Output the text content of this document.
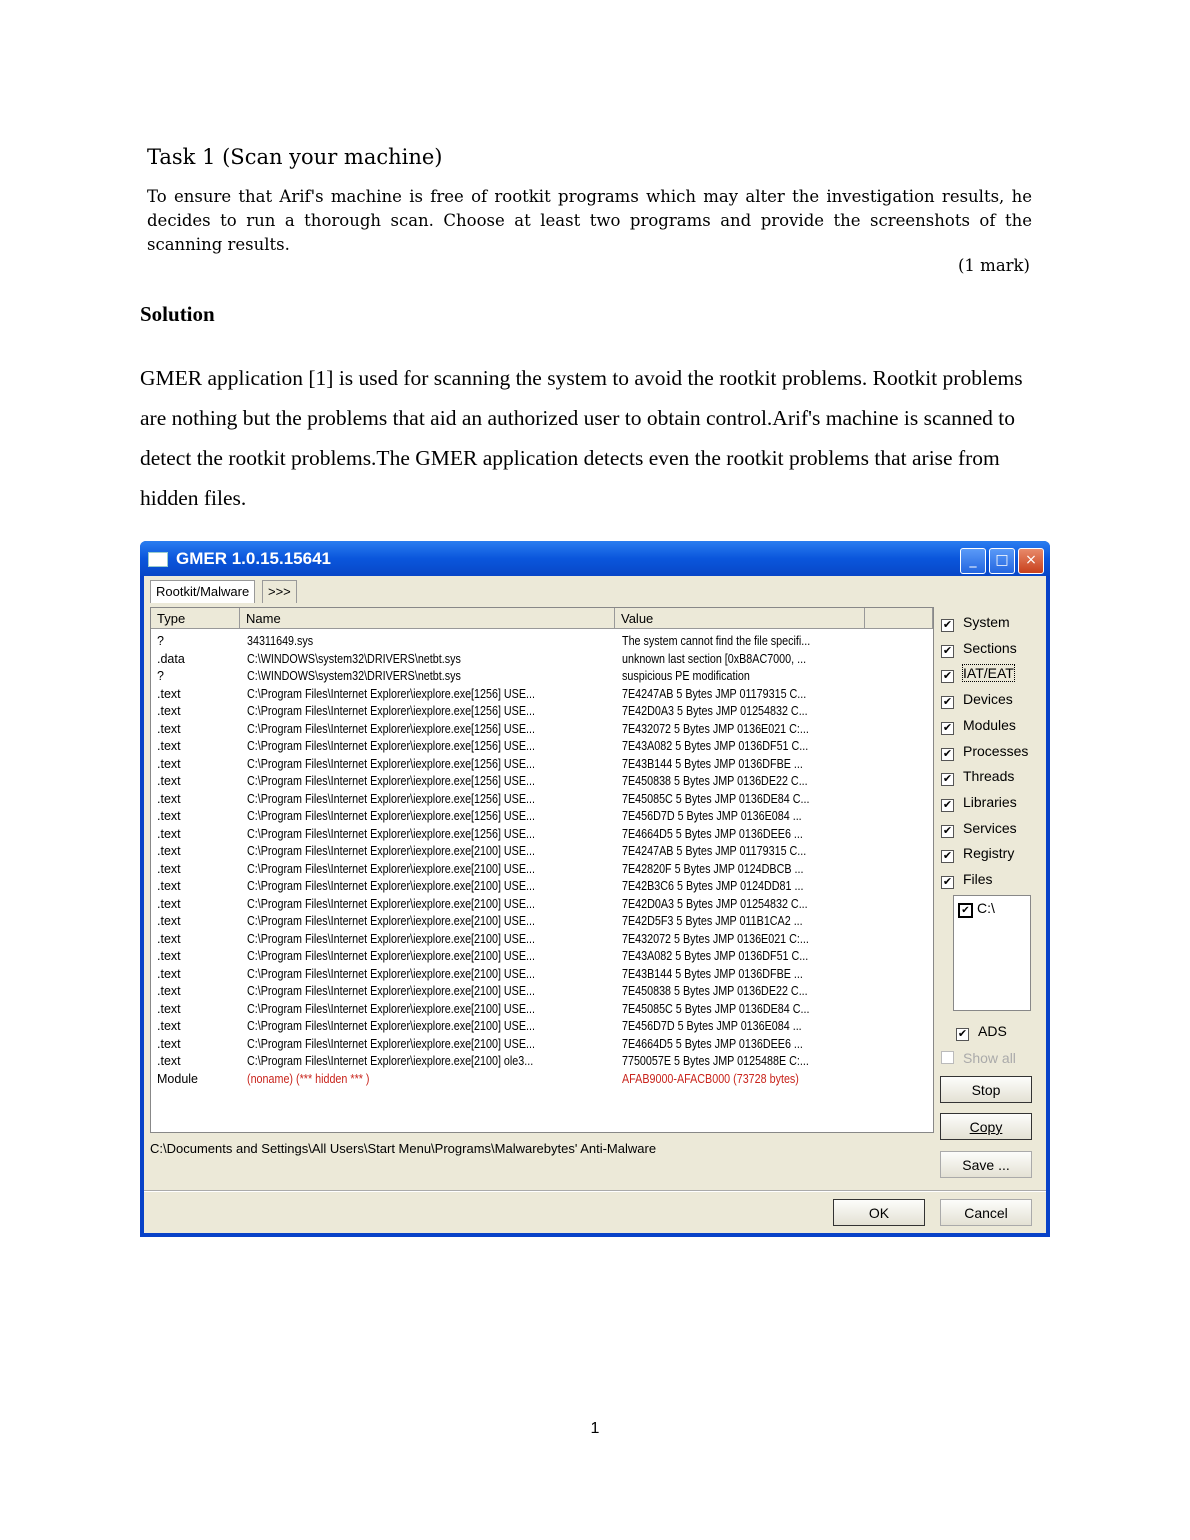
Task 1 (Scan your machine)
To ensure that Arif's machine is free of rootkit programs which may alter the investigation results, he decides to run a thorough scan. Choose at least two programs and provide the screenshots of the scanning results.
(1 mark)
Solution
GMER application [1] is used for scanning the system to avoid the rootkit problems. Rootkit problems are nothing but the problems that aid an authorized user to obtain control.Arif's machine is scanned to detect the rootkit problems.The GMER application detects even the rootkit problems that arise from hidden files.
GMER 1.0.15.15641	_	□	×
Rootkit/Malware	>>>
Type	Name	Value
?	34311649.sys	The system cannot find the file specifi...
.data	C:\WINDOWS\system32\DRIVERS\netbt.sys	unknown last section [0xB8AC7000, ...
?	C:\WINDOWS\system32\DRIVERS\netbt.sys	suspicious PE modification
.text	C:\Program Files\Internet Explorer\iexplore.exe[1256] USE...	7E4247AB 5 Bytes JMP 01179315 C...
.text	C:\Program Files\Internet Explorer\iexplore.exe[1256] USE...	7E42D0A3 5 Bytes JMP 01254832 C...
.text	C:\Program Files\Internet Explorer\iexplore.exe[1256] USE...	7E432072 5 Bytes JMP 0136E021 C:...
.text	C:\Program Files\Internet Explorer\iexplore.exe[1256] USE...	7E43A082 5 Bytes JMP 0136DF51 C...
.text	C:\Program Files\Internet Explorer\iexplore.exe[1256] USE...	7E43B144 5 Bytes JMP 0136DFBE ...
.text	C:\Program Files\Internet Explorer\iexplore.exe[1256] USE...	7E450838 5 Bytes JMP 0136DE22 C...
.text	C:\Program Files\Internet Explorer\iexplore.exe[1256] USE...	7E45085C 5 Bytes JMP 0136DE84 C...
.text	C:\Program Files\Internet Explorer\iexplore.exe[1256] USE...	7E456D7D 5 Bytes JMP 0136E084 ...
.text	C:\Program Files\Internet Explorer\iexplore.exe[1256] USE...	7E4664D5 5 Bytes JMP 0136DEE6 ...
.text	C:\Program Files\Internet Explorer\iexplore.exe[2100] USE...	7E4247AB 5 Bytes JMP 01179315 C...
.text	C:\Program Files\Internet Explorer\iexplore.exe[2100] USE...	7E42820F 5 Bytes JMP 0124DBCB ...
.text	C:\Program Files\Internet Explorer\iexplore.exe[2100] USE...	7E42B3C6 5 Bytes JMP 0124DD81 ...
.text	C:\Program Files\Internet Explorer\iexplore.exe[2100] USE...	7E42D0A3 5 Bytes JMP 01254832 C...
.text	C:\Program Files\Internet Explorer\iexplore.exe[2100] USE...	7E42D5F3 5 Bytes JMP 011B1CA2 ...
.text	C:\Program Files\Internet Explorer\iexplore.exe[2100] USE...	7E432072 5 Bytes JMP 0136E021 C:...
.text	C:\Program Files\Internet Explorer\iexplore.exe[2100] USE...	7E43A082 5 Bytes JMP 0136DF51 C...
.text	C:\Program Files\Internet Explorer\iexplore.exe[2100] USE...	7E43B144 5 Bytes JMP 0136DFBE ...
.text	C:\Program Files\Internet Explorer\iexplore.exe[2100] USE...	7E450838 5 Bytes JMP 0136DE22 C...
.text	C:\Program Files\Internet Explorer\iexplore.exe[2100] USE...	7E45085C 5 Bytes JMP 0136DE84 C...
.text	C:\Program Files\Internet Explorer\iexplore.exe[2100] USE...	7E456D7D 5 Bytes JMP 0136E084 ...
.text	C:\Program Files\Internet Explorer\iexplore.exe[2100] USE...	7E4664D5 5 Bytes JMP 0136DEE6 ...
.text	C:\Program Files\Internet Explorer\iexplore.exe[2100] ole3...	7750057E 5 Bytes JMP 0125488E C:...
Module	(noname) (*** hidden *** )	AFAB9000-AFACB000 (73728 bytes)
C:\Documents and Settings\All Users\Start Menu\Programs\Malwarebytes' Anti-Malware
✔ System
✔ Sections
✔ IAT/EAT
✔ Devices
✔ Modules
✔ Processes
✔ Threads
✔ Libraries
✔ Services
✔ Registry
✔ Files
✔ C:\
✔ ADS
Show all
Stop
Copy
Save ...
OK	Cancel
1
